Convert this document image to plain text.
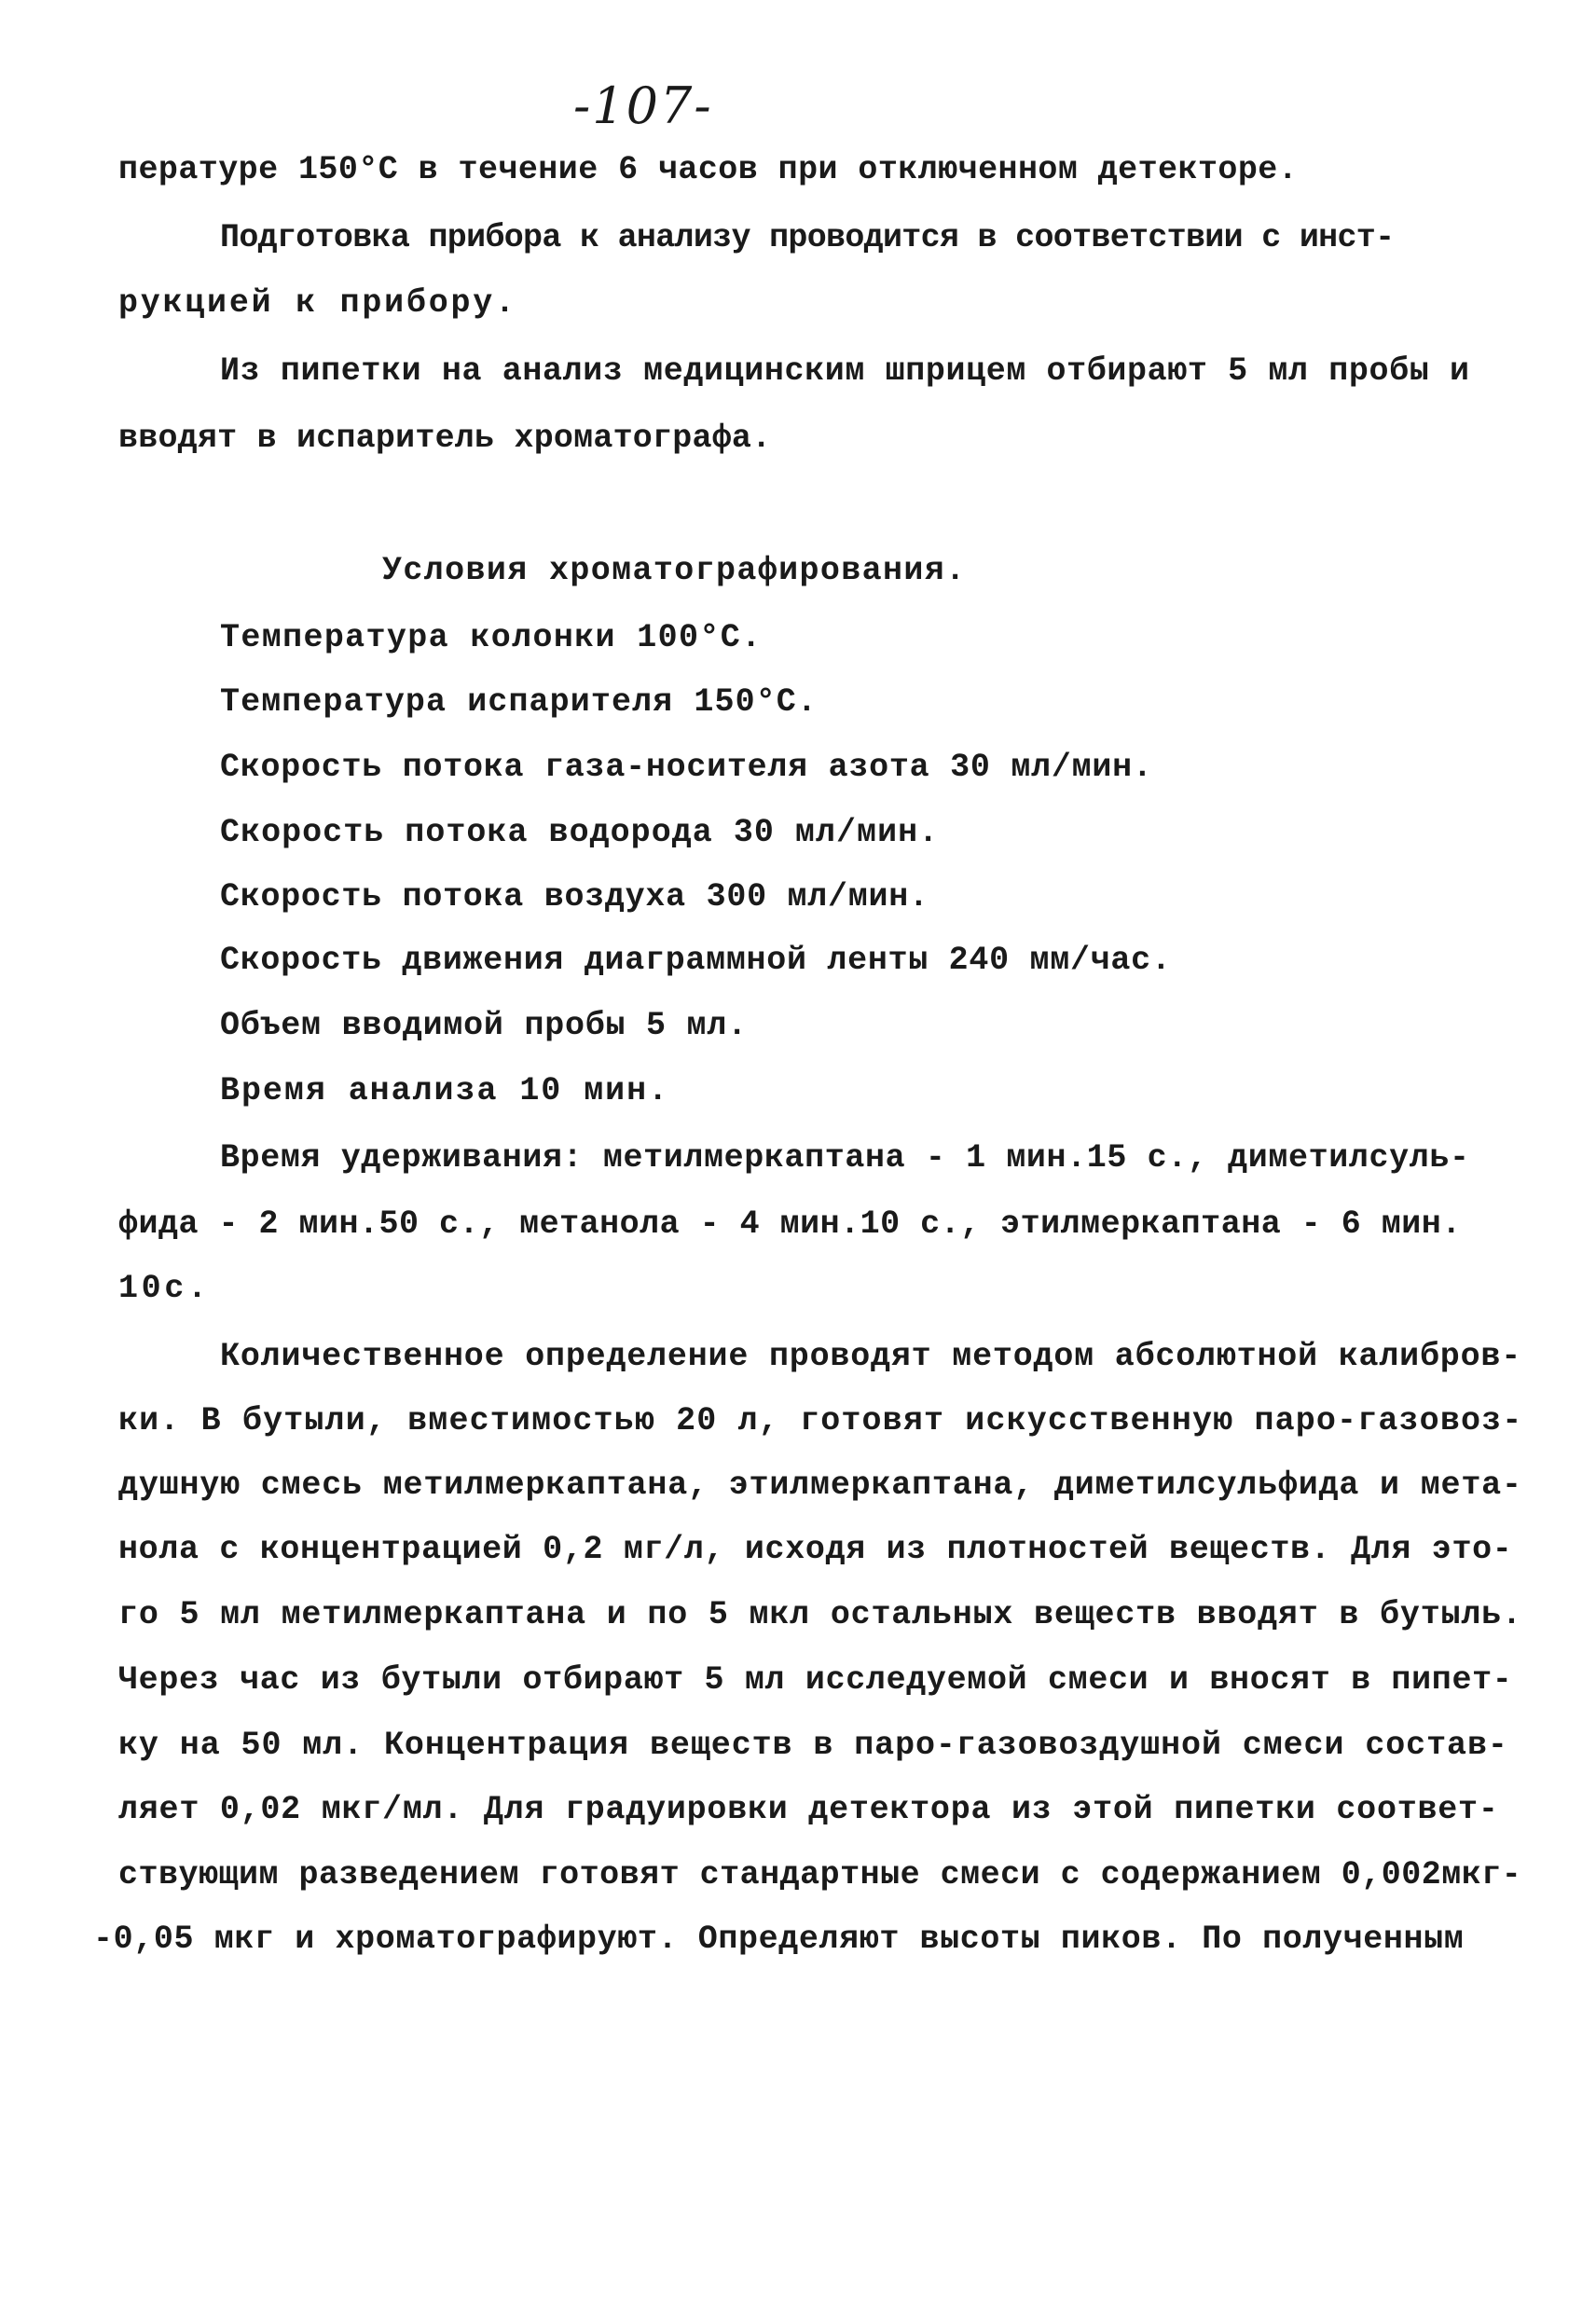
-107-
пературе 150°С в течение 6 часов при отключенном детекторе.
Подготовка прибора к анализу проводится в соответствии с инст-
рукцией к прибору.
Из пипетки на анализ медицинским шприцем отбирают 5 мл пробы и
вводят в испаритель хроматографа.
Условия хроматографирования.
Температура колонки 100°С.
Температура испарителя 150°С.
Скорость потока газа-носителя азота 30 мл/мин.
Скорость потока водорода 30 мл/мин.
Скорость потока воздуха 300 мл/мин.
Скорость движения диаграммной ленты 240 мм/час.
Объем вводимой пробы 5 мл.
Время анализа 10 мин.
Время удерживания: метилмеркаптана - 1 мин.15 с., диметилсуль-
фида - 2 мин.50 с., метанола - 4 мин.10 с., этилмеркаптана - 6 мин.
10с.
Количественное определение проводят методом абсолютной калибров-
ки. В бутыли, вместимостью 20 л, готовят искусственную паро-газовоз-
душную смесь метилмеркаптана, этилмеркаптана, диметилсульфида и мета-
нола с концентрацией 0,2 мг/л, исходя из плотностей веществ. Для это-
го 5 мл метилмеркаптана и по 5 мкл остальных веществ вводят в бутыль.
Через час из бутыли отбирают 5 мл исследуемой смеси и вносят в пипет-
ку на 50 мл. Концентрация веществ в паро-газовоздушной смеси состав-
ляет 0,02 мкг/мл. Для градуировки детектора из этой пипетки соответ-
ствующим разведением готовят стандартные смеси с содержанием 0,002мкг-
-0,05 мкг и хроматографируют. Определяют высоты пиков. По полученным
